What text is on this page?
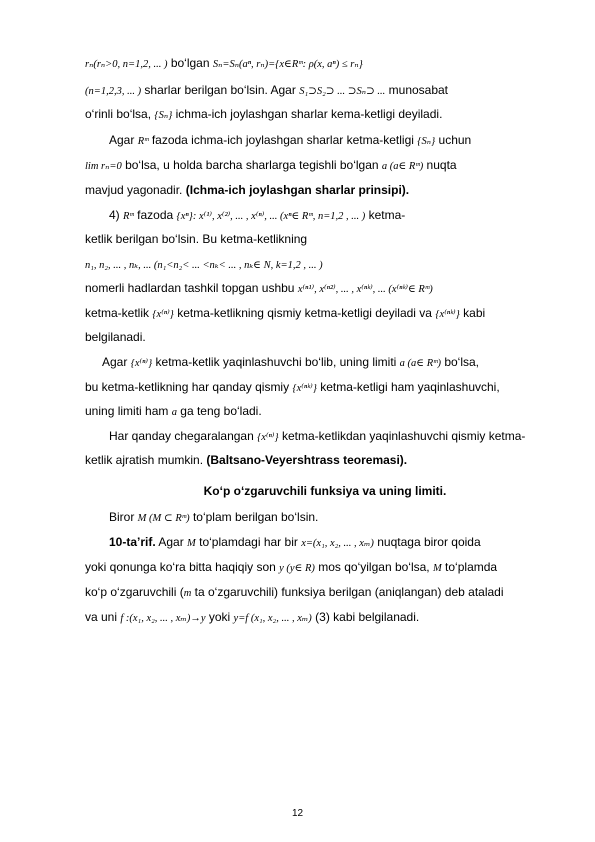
rₙ(rₙ>0, n=1,2, ... ) bo‘lgan Sₙ=Sₙ(aⁿ, rₙ)={x∈Rᵐ: ρ(x, aⁿ) ≤ rₙ}
(n=1,2,3, ... ) sharlar berilgan bo‘lsin. Agar S₁⊃S₂⊃ ... ⊃Sₙ⊃ ... munosabat
o‘rinli bo‘lsa, {Sₙ} ichma-ich joylashgan sharlar kema-ketligi deyiladi.
Agar Rᵐ fazoda ichma-ich joylashgan sharlar ketma-ketligi {Sₙ} uchun
lim rₙ=0 bo‘lsa, u holda barcha sharlarga tegishli bo‘lgan a (a∈ Rᵐ) nuqta
mavjud yagonadir. (Ichma-ich joylashgan sharlar prinsipi).
4) Rᵐ fazoda {xⁿ}: x⁽¹⁾, x⁽²⁾, ... , x⁽ⁿ⁾, ... (xⁿ∈ Rᵐ, n=1,2 , ... ) ketma-
ketlik berilgan bo‘lsin. Bu ketma-ketlikning
n₁, n₂, ... , nₖ, ... (n₁<n₂< ... <nₖ< ... , nₖ∈ N, k=1,2 , ... )
nomerli hadlardan tashkil topgan ushbu x⁽ⁿ¹⁾, x⁽ⁿ²⁾, ... , x⁽ⁿᵏ⁾, ... (x⁽ⁿᵏ⁾∈ Rᵐ)
ketma-ketlik {x⁽ⁿ⁾} ketma-ketlikning qismiy ketma-ketligi deyiladi va {x⁽ⁿᵏ⁾} kabi
belgilanadi.
Agar {x⁽ⁿ⁾} ketma-ketlik yaqinlashuvchi bo‘lib, uning limiti a (a∈ Rᵐ) bo‘lsa,
bu ketma-ketlikning har qanday qismiy {x⁽ⁿᵏ⁾} ketma-ketligi ham yaqinlashuvchi,
uning limiti ham a ga teng bo‘ladi.
Har qanday chegaralangan {x⁽ⁿ⁾} ketma-ketlikdan yaqinlashuvchi qismiy ketma-
ketlik ajratish mumkin. (Baltsano-Veyershtrass teoremasi).
Ko‘p o‘zgaruvchili funksiya va uning limiti.
Biror M (M ⊂ Rᵐ) to‘plam berilgan bo‘lsin.
10-ta’rif. Agar M to‘plamdagi har bir x=(x₁, x₂, ... , xₘ) nuqtaga biror qoida
yoki qonunga ko‘ra bitta haqiqiy son y (y∈ R) mos qo‘yilgan bo‘lsa, M to‘plamda
ko‘p o‘zgaruvchili (m ta o‘zgaruvchili) funksiya berilgan (aniqlangan) deb ataladi
va uni f :(x₁, x₂, ... , xₘ)→y yoki y=f (x₁, x₂, ... , xₘ) (3) kabi belgilanadi.
12
